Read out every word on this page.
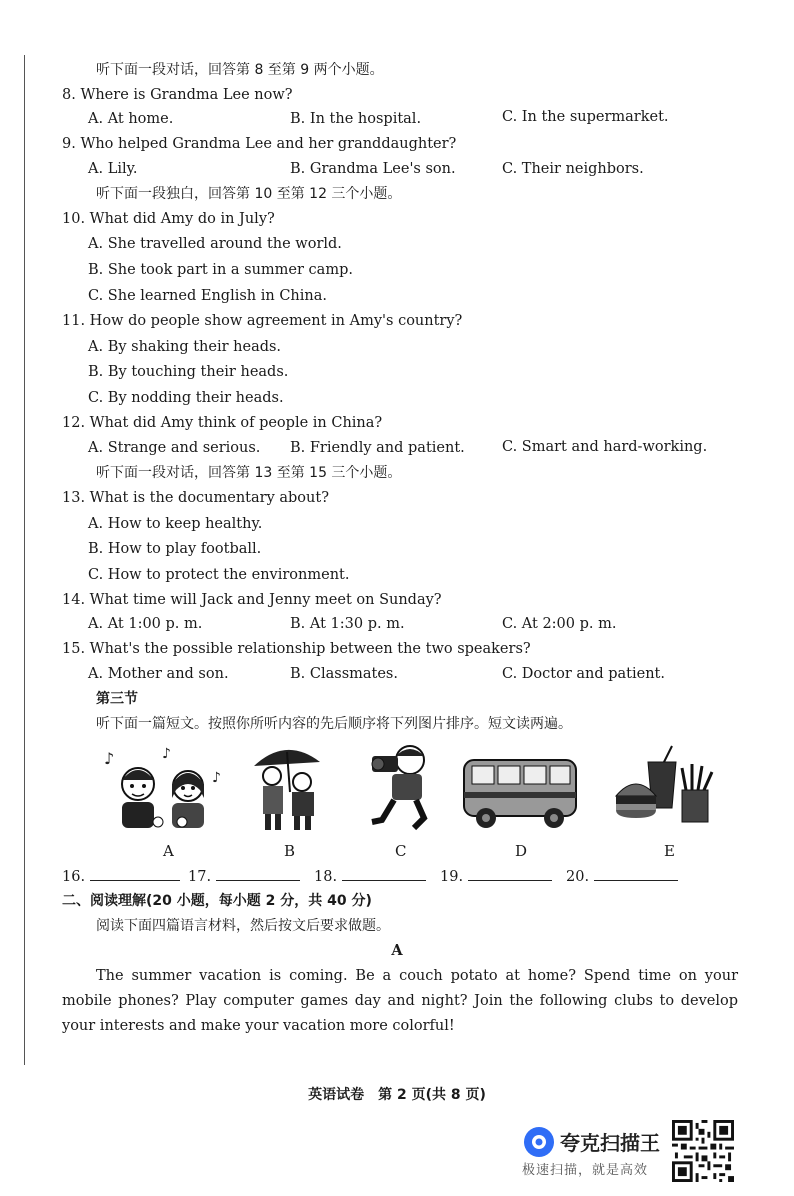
听下面一段对话，回答第 8 至第 9 两个小题。
8. Where is Grandma Lee now?
A. At home.	B. In the hospital.	C. In the supermarket.
9. Who helped Grandma Lee and her granddaughter?
A. Lily.	B. Grandma Lee's son.	C. Their neighbors.
听下面一段独白，回答第 10 至第 12 三个小题。
10. What did Amy do in July?
A. She travelled around the world.
B. She took part in a summer camp.
C. She learned English in China.
11. How do people show agreement in Amy's country?
A. By shaking their heads.
B. By touching their heads.
C. By nodding their heads.
12. What did Amy think of people in China?
A. Strange and serious. B. Friendly and patient.	C. Smart and hard-working.
听下面一段对话，回答第 13 至第 15 三个小题。
13. What is the documentary about?
A. How to keep healthy.
B. How to play football.
C. How to protect the environment.
14. What time will Jack and Jenny meet on Sunday?
A. At 1:00 p. m.	B. At 1:30 p. m.	C. At 2:00 p. m.
15. What's the possible relationship between the two speakers?
A. Mother and son.	B. Classmates.	C. Doctor and patient.
第三节
听下面一篇短文。按照你所听内容的先后顺序将下列图片排序。短文读两遍。
♪	♪
♪
A	B	C	D	E
16.	17.	18.	19.	20.
二、阅读理解(20 小题，每小题 2 分，共 40 分)
阅读下面四篇语言材料，然后按文后要求做题。
A
The summer vacation is coming. Be a couch potato at home? Spend time on your mobile phones? Play computer games day and night? Join the following clubs to develop your interests and make your vacation more colorful!
英语试卷　第 2 页(共 8 页)
夸克扫描王
极速扫描，就是高效
